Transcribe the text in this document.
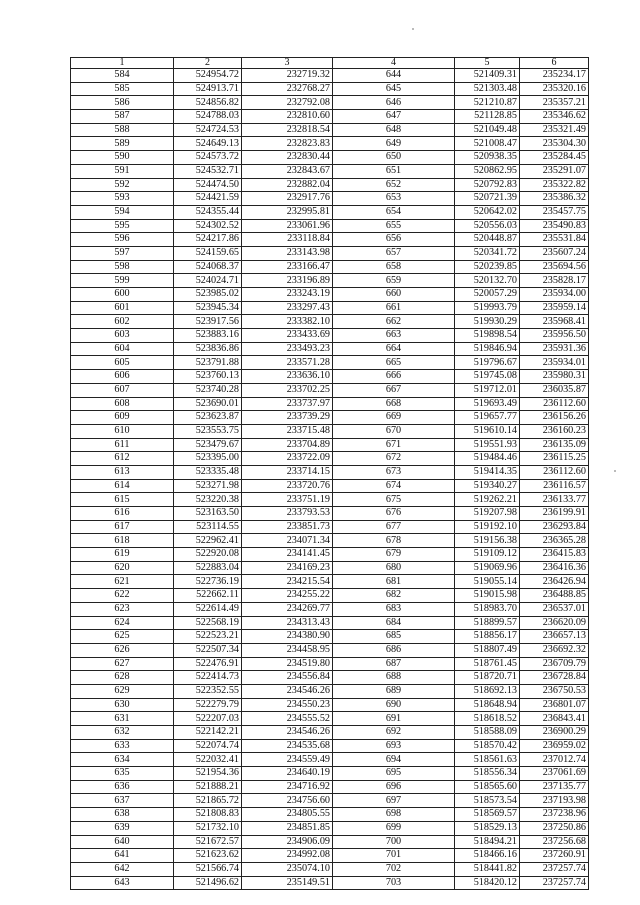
1	2	3	4	5	6
584	524954.72	232719.32	644	521409.31	235234.17
585	524913.71	232768.27	645	521303.48	235320.16
586	524856.82	232792.08	646	521210.87	235357.21
587	524788.03	232810.60	647	521128.85	235346.62
588	524724.53	232818.54	648	521049.48	235321.49
589	524649.13	232823.83	649	521008.47	235304.30
590	524573.72	232830.44	650	520938.35	235284.45
591	524532.71	232843.67	651	520862.95	235291.07
592	524474.50	232882.04	652	520792.83	235322.82
593	524421.59	232917.76	653	520721.39	235386.32
594	524355.44	232995.81	654	520642.02	235457.75
595	524302.52	233061.96	655	520556.03	235490.83
596	524217.86	233118.84	656	520448.87	235531.84
597	524159.65	233143.98	657	520341.72	235607.24
598	524068.37	233166.47	658	520239.85	235694.56
599	524024.71	233196.89	659	520132.70	235828.17
600	523985.02	233243.19	660	520057.29	235934.00
601	523945.34	233297.43	661	519993.79	235959.14
602	523917.56	233382.10	662	519930.29	235968.41
603	523883.16	233433.69	663	519898.54	235956.50
604	523836.86	233493.23	664	519846.94	235931.36
605	523791.88	233571.28	665	519796.67	235934.01
606	523760.13	233636.10	666	519745.08	235980.31
607	523740.28	233702.25	667	519712.01	236035.87
608	523690.01	233737.97	668	519693.49	236112.60
609	523623.87	233739.29	669	519657.77	236156.26
610	523553.75	233715.48	670	519610.14	236160.23
611	523479.67	233704.89	671	519551.93	236135.09
612	523395.00	233722.09	672	519484.46	236115.25
613	523335.48	233714.15	673	519414.35	236112.60
614	523271.98	233720.76	674	519340.27	236116.57
615	523220.38	233751.19	675	519262.21	236133.77
616	523163.50	233793.53	676	519207.98	236199.91
617	523114.55	233851.73	677	519192.10	236293.84
618	522962.41	234071.34	678	519156.38	236365.28
619	522920.08	234141.45	679	519109.12	236415.83
620	522883.04	234169.23	680	519069.96	236416.36
621	522736.19	234215.54	681	519055.14	236426.94
622	522662.11	234255.22	682	519015.98	236488.85
623	522614.49	234269.77	683	518983.70	236537.01
624	522568.19	234313.43	684	518899.57	236620.09
625	522523.21	234380.90	685	518856.17	236657.13
626	522507.34	234458.95	686	518807.49	236692.32
627	522476.91	234519.80	687	518761.45	236709.79
628	522414.73	234556.84	688	518720.71	236728.84
629	522352.55	234546.26	689	518692.13	236750.53
630	522279.79	234550.23	690	518648.94	236801.07
631	522207.03	234555.52	691	518618.52	236843.41
632	522142.21	234546.26	692	518588.09	236900.29
633	522074.74	234535.68	693	518570.42	236959.02
634	522032.41	234559.49	694	518561.63	237012.74
635	521954.36	234640.19	695	518556.34	237061.69
636	521888.21	234716.92	696	518565.60	237135.77
637	521865.72	234756.60	697	518573.54	237193.98
638	521808.83	234805.55	698	518569.57	237238.96
639	521732.10	234851.85	699	518529.13	237250.86
640	521672.57	234906.09	700	518494.21	237256.68
641	521623.62	234992.08	701	518466.16	237260.91
642	521566.74	235074.10	702	518441.82	237257.74
643	521496.62	235149.51	703	518420.12	237257.74
